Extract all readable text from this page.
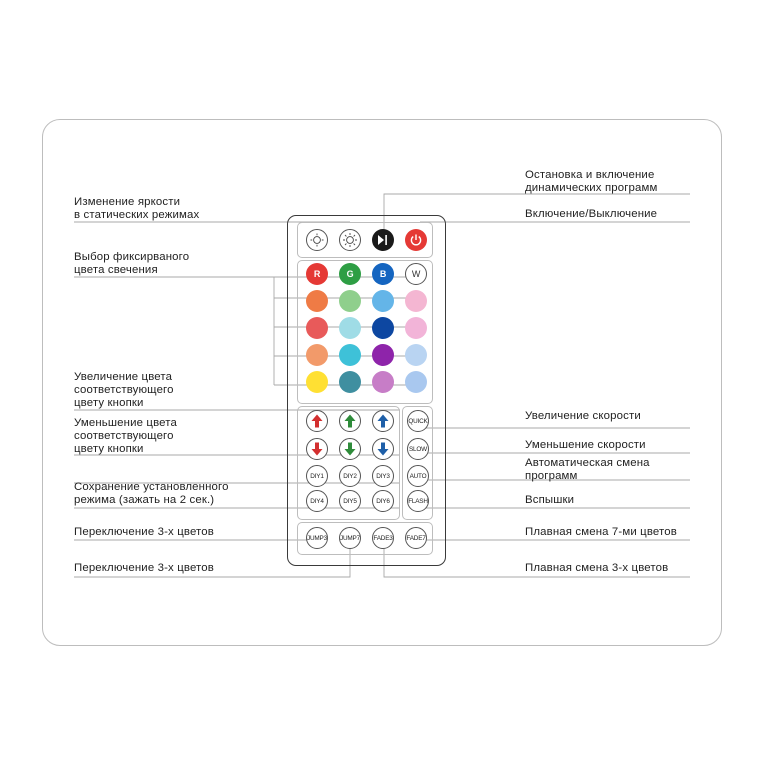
Изменение яркости
в статических режимах
Выбор фиксирваного
цвета свечения
Увеличение цвета
соответствующего
цвету кнопки
Уменьшение цвета
соответствующего
цвету кнопки
Сохранение установленного
режима (зажать на 2 сек.)
Переключение 3-х цветов
Переключение 3-х цветов
Остановка и включение
динамических программ
Включение/Выключение
Увеличение скорости
Уменьшение скорости
Автоматическая смена
программ
Вспышки
Плавная смена 7-ми цветов
Плавная смена 3-х цветов
DIY1	DIY2	DIY3
DIY4	DIY5	DIY6
QUICK
SLOW
AUTO
FLASH
JUMP3 JUMP7 FADE3 FADE7
R	G	B	W
